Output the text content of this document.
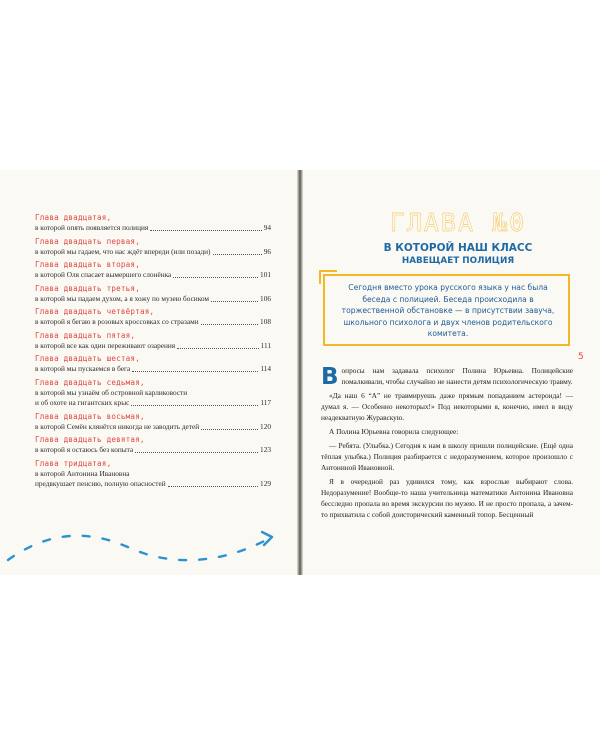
Глава двадцатая,
в которой опять появляется полиция	94
Глава двадцать первая,
в которой мы гадаем, что нас ждёт впереди (или позади)	96
Глава двадцать вторая,
в которой Оля спасает вымершего слонёнка	101
Глава двадцать третья,
в которой мы падаем духом, а я хожу по музею босиком	106
Глава двадцать четвёртая,
в которой я бегаю в розовых кроссовках со стразами	108
Глава двадцать пятая,
в которой все как один переживают озарения	111
Глава двадцать шестая,
в которой мы пускаемся в бега	114
Глава двадцать седьмая,
в которой мы узнаём об островной карликовости
и об охоте на гигантских крыс	117
Глава двадцать восьмая,
в которой Семён клянётся никогда не заводить детей	120
Глава двадцать девятая,
в которой я остаюсь без копыта	123
Глава тридцатая,
в которой Антонина Ивановна
предвкушает пенсию, полную опасностей	129
ГЛАВА №0
В КОТОРОЙ НАШ КЛАСС
НАВЕЩАЕТ ПОЛИЦИЯ
Сегодня вместо урока русского языка у нас была беседа с полицией. Беседа происходила в торжественной обстановке — в присутствии завуча, школьного психолога и двух членов родительского комитета.

Вопросы нам задавала психолог Полина Юрьевна. Полицейские помалкивали, чтобы случайно не нанести детям психологическую травму.

«Да наш 6 “А” не травмируешь даже прямым попаданием астероида! — думал я. — Особенно некоторых!» Под некоторыми я, конечно, имел в виду неадекватную Журавскую.

А Полина Юрьевна говорила следующее:

— Ребята. (Улыбка.) Сегодня к нам в школу пришли полицейские. (Ещё одна тёплая улыбка.) Полиция разбирается с недоразумением, которое произошло с Антониной Ивановной.

Я в очередной раз удивился тому, как взрослые выбирают слова. Недоразумение! Вообще-то наша учительница математики Антонина Ивановна бесследно пропала во время экскурсии по музею. И не просто пропала, а зачем-то прихватила с собой доисторический каменный топор. Бесценный

5
